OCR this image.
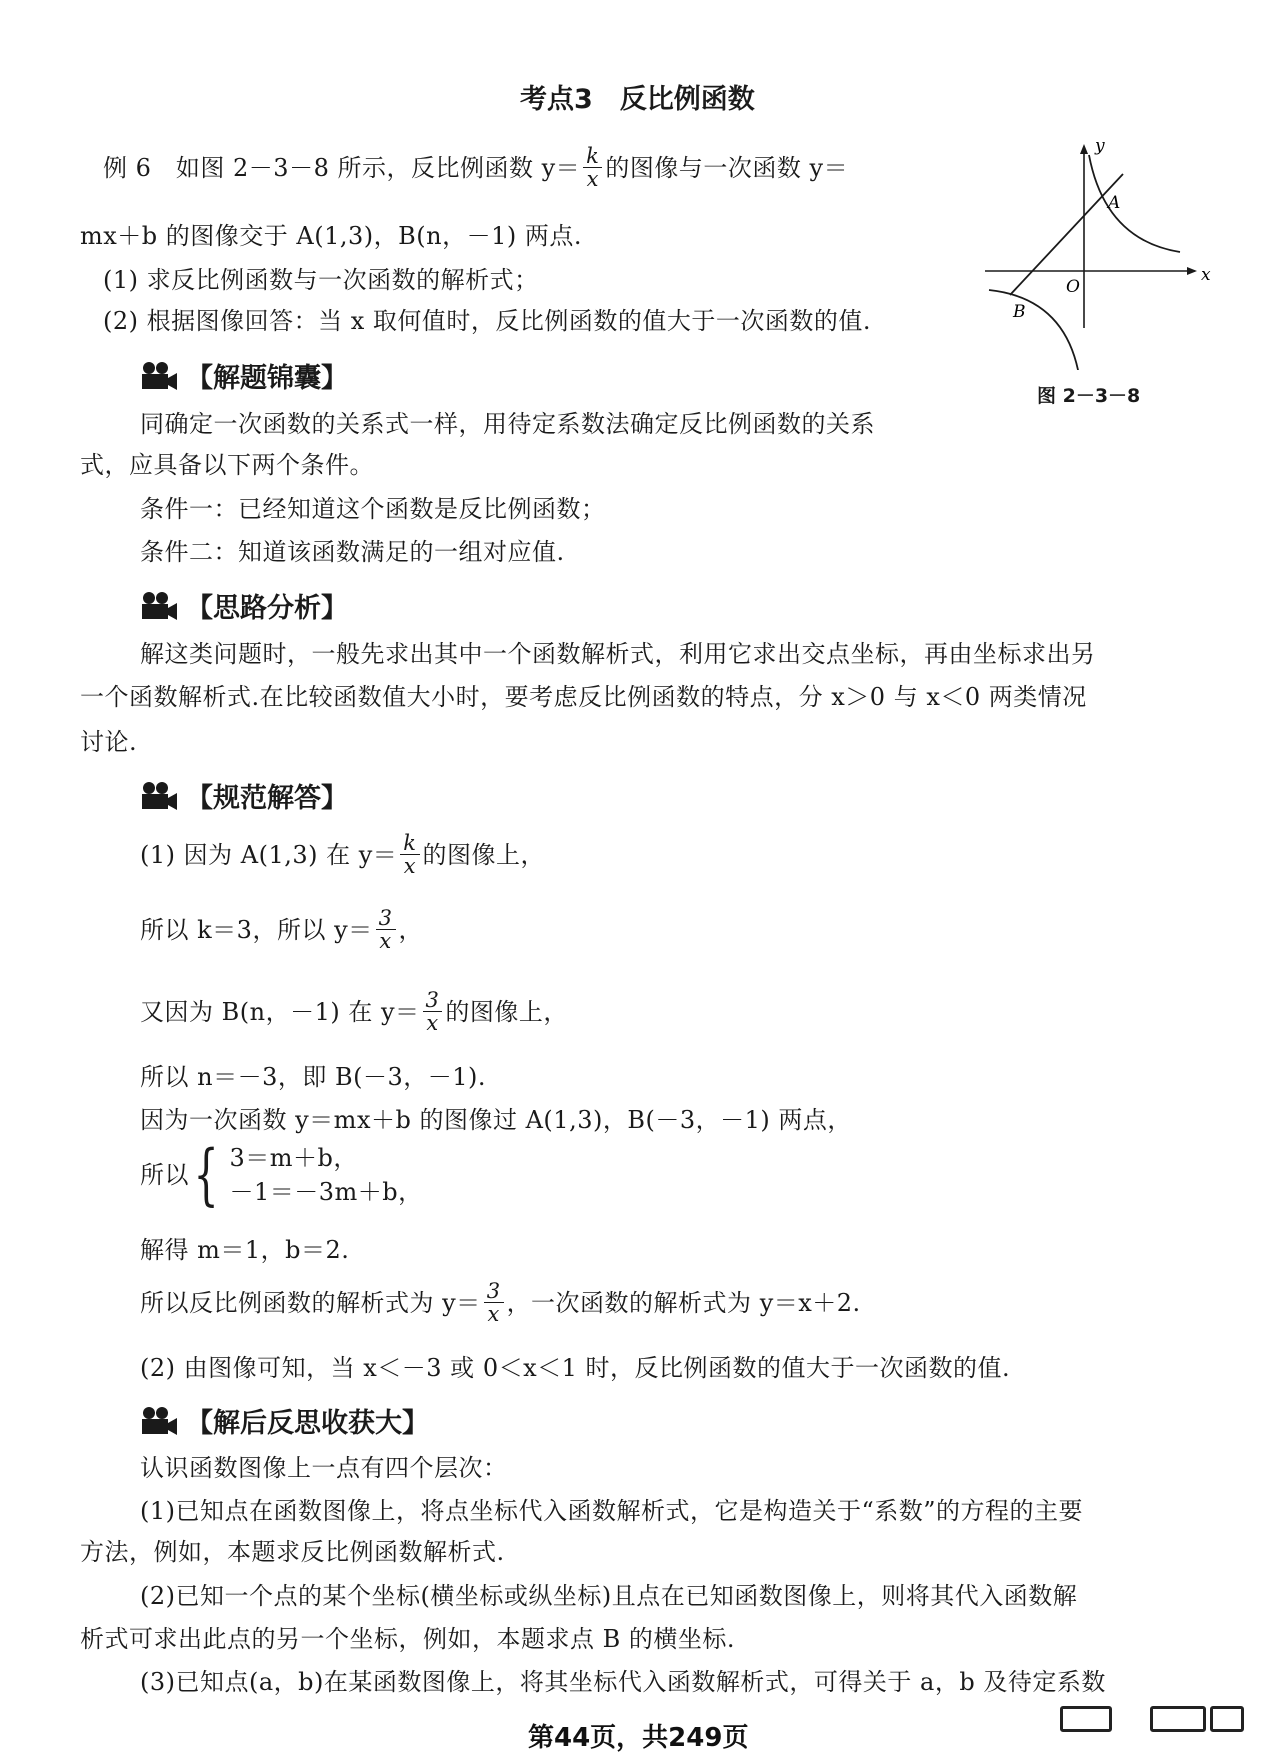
考点3　反比例函数
例 6　如图 2－3－8 所示，反比例函数 $y= \frac{k}{x}$ 的图像与一次函数 y＝
mx＋b 的图像交于 A(1,3)，B(n，－1) 两点.
(1) 求反比例函数与一次函数的解析式；
(2) 根据图像回答：当 x 取何值时，反比例函数的值大于一次函数的值.
y
x
O
A
B
图 2－3－8
【解题锦囊】
同确定一次函数的关系式一样，用待定系数法确定反比例函数的关系
式，应具备以下两个条件。
条件一：已经知道这个函数是反比例函数；
条件二：知道该函数满足的一组对应值.
【思路分析】
解这类问题时，一般先求出其中一个函数解析式，利用它求出交点坐标，再由坐标求出另
一个函数解析式.在比较函数值大小时，要考虑反比例函数的特点，分 x＞0 与 x＜0 两类情况
讨论.
【规范解答】
(1) 因为 A(1,3) 在 $y= \frac{k}{x}$ 的图像上，
所以 k＝3，所以 $y= \frac{3}{x}$ ，
又因为 B(n，－1) 在 $y= \frac{3}{x}$ 的图像上，
所以 n＝－3，即 B(－3，－1).
因为一次函数 y＝mx＋b 的图像过 A(1,3)，B(－3，－1) 两点，
所以 { 3＝m＋b，
－1＝－3m＋b，
解得 m＝1，b＝2.
所以反比例函数的解析式为 $y= \frac{3}{x}$ ，一次函数的解析式为 y＝x＋2.
(2) 由图像可知，当 x＜－3 或 0＜x＜1 时，反比例函数的值大于一次函数的值.
【解后反思收获大】
认识函数图像上一点有四个层次：
(1)已知点在函数图像上，将点坐标代入函数解析式，它是构造关于“系数”的方程的主要
方法，例如，本题求反比例函数解析式.
(2)已知一个点的某个坐标(横坐标或纵坐标)且点在已知函数图像上，则将其代入函数解
析式可求出此点的另一个坐标，例如，本题求点 B 的横坐标.
(3)已知点(a，b)在某函数图像上，将其坐标代入函数解析式，可得关于 a，b 及待定系数
第44页，共249页
